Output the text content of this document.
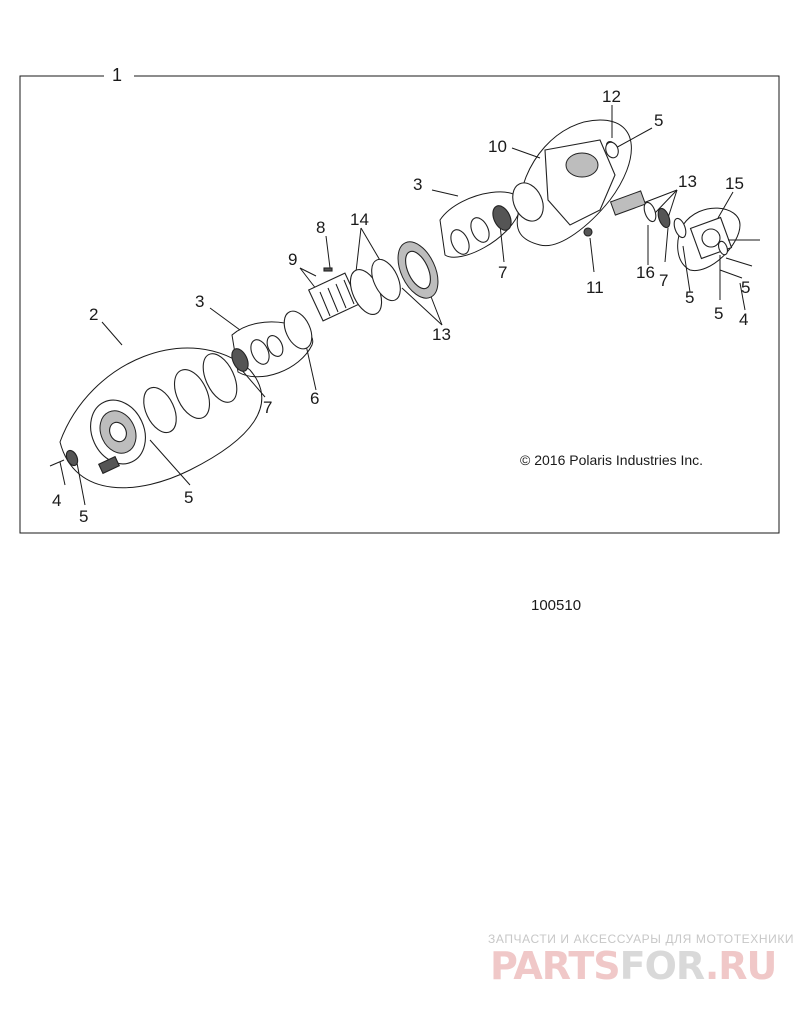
1
2
3
3
4
4
5
5
5
5
5
5
6
7
7	7
8
9
10
11
12
13
13
16
14
15
© 2016 Polaris Industries Inc.
100510
ЗАПЧАСТИ И АКСЕССУАРЫ ДЛЯ МОТОТЕХНИКИ
PARTSFOR.RU
